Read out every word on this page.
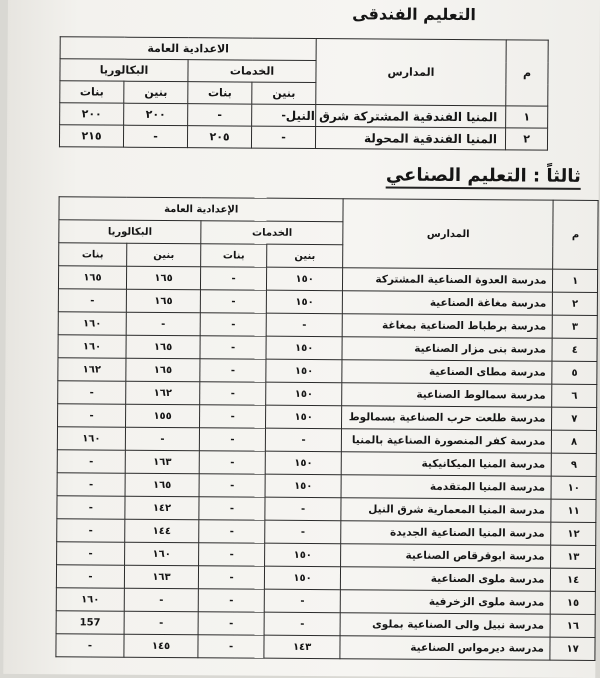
التعليم الفندقى
م	المدارس	الاعدادية العامة			
		الخدمات		البكالوريا	
		بنين	بنات	بنين	بنات
١	المنيا الفندقية المشتركة شرق النيل	-	-	٢٠٠	٢٠٠
٢	المنيا الفندقية المحولة	-	٢٠٥	-	٢١٥
ثالثاً : التعليم الصناعي
م	المدارس	الإعدادية العامة			
		الخدمات		البكالوريا	
		بنين	بنات	بنين	بنات
١	مدرسة العدوة الصناعية المشتركة	١٥٠	-	١٦٥	١٦٥
٢	مدرسة مغاغة الصناعية	١٥٠	-	١٦٥	-
٣	مدرسة برطباط الصناعية بمغاغة	-	-	-	١٦٠
٤	مدرسة بنى مزار الصناعية	١٥٠	-	١٦٥	١٦٠
٥	مدرسة مطاى الصناعية	١٥٠	-	١٦٥	١٦٢
٦	مدرسة سمالوط الصناعية	١٥٠	-	١٦٢	-
٧	مدرسة طلعت حرب الصناعية بسمالوط	١٥٠	-	١٥٥	-
٨	مدرسة كفر المنصورة الصناعية بالمنيا	-	-	-	١٦٠
٩	مدرسة المنيا الميكانيكية	١٥٠	-	١٦٣	-
١٠	مدرسة المنيا المتقدمة	١٥٠	-	١٦٥	-
١١	مدرسة المنيا المعمارية شرق النيل	-	-	١٤٢	-
١٢	مدرسة المنيا الصناعية الجديدة	-	-	١٤٤	-
١٣	مدرسة ابوقرقاص الصناعية	١٥٠	-	١٦٠	-
١٤	مدرسة ملوى الصناعية	١٥٠	-	١٦٣	-
١٥	مدرسة ملوى الزخرفية	-	-	-	١٦٠
١٦	مدرسة نبيل والى الصناعية بملوى	-	-	-	157
١٧	مدرسة ديرمواس الصناعية	١٤٣	-	١٤٥	-
